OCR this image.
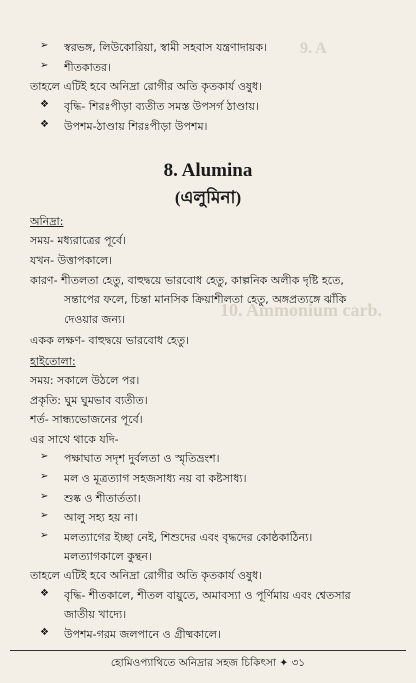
9. A
10. Ammonium carb.
➢ স্বরভঙ্গ, লিউকোরিয়া, স্বামী সহবাস যন্ত্রণাদায়ক।
➢ শীতকাতর।
তাহলে এটিই হবে অনিদ্রা রোগীর অতি কৃতকার্য ওষুধ।
❖ বৃদ্ধি- শিরঃপীড়া ব্যতীত সমস্ত উপসর্গ ঠাণ্ডায়।
❖ উপশম-ঠাণ্ডায় শিরঃপীড়া উপশম।
8. Alumina
(এলুমিনা)
অনিদ্রা:
সময়- মধ্যরাত্রের পূর্বে।
যখন- উত্তাপকালে।
কারণ- শীতলতা হেতু, বাহুদ্বয়ে ভারবোধ হেতু, কাল্পনিক অলীক দৃষ্টি হতে,
সন্তাপের ফলে, চিন্তা মানসিক ক্রিয়াশীলতা হেতু, অঙ্গপ্রত্যঙ্গে ঝাঁকি
দেওয়ার জন্য।
একক লক্ষণ- বাহুদ্বয়ে ভারবোধ হেতু।
হাইতোলা:
সময়: সকালে উঠলে পর।
প্রকৃতি: ঘুম ঘুমভাব ব্যতীত।
শর্ত- সান্ধ্যভোজনের পূর্বে।
এর সাথে থাকে যদি-
➢ পক্ষাঘাত সদৃশ দুর্বলতা ও স্মৃতিভ্রংশ।
➢ মল ও মূত্রত্যাগ সহজসাধ্য নয় বা কষ্টসাধ্য।
➢ শুষ্ক ও শীতার্ততা।
➢ আলু সহ্য হয় না।
➢ মলত্যাগের ইচ্ছা নেই, শিশুদের এবং বৃদ্ধদের কোষ্ঠকাঠিন্য।
মলত্যাগকালে কুন্থন।
তাহলে এটিই হবে অনিদ্রা রোগীর অতি কৃতকার্য ওষুধ।
❖ বৃদ্ধি- শীতকালে, শীতল বায়ুতে, অমাবস্যা ও পূর্ণিমায় এবং শ্বেতসার
জাতীয় খাদ্যে।
❖ উপশম-গরম জলপানে ও গ্রীষ্মকালে।
হোমিওপ্যাথিতে অনিদ্রার সহজ চিকিৎসা ✦ ৩১
